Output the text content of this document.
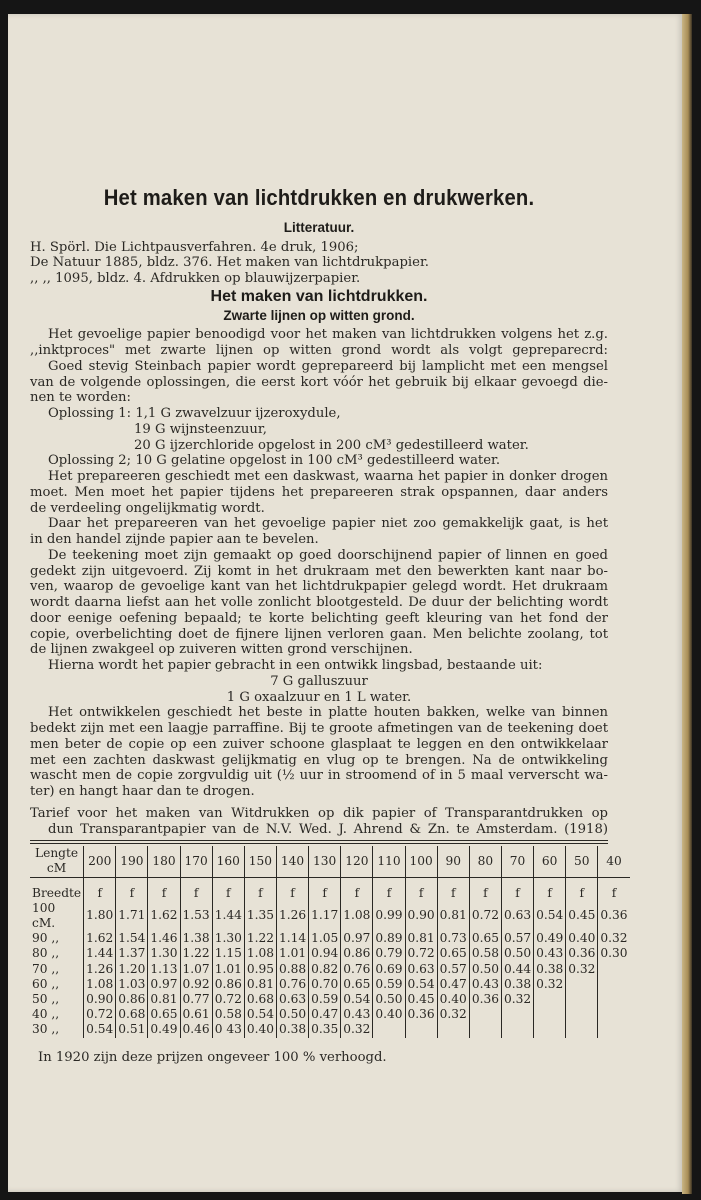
Het maken van lichtdrukken en drukwerken.
Litteratuur.
H. Spörl. Die Lichtpausverfahren. 4e druk, 1906;
De Natuur 1885, bldz. 376. Het maken van lichtdrukpapier.
,, ,, 1095, bldz. 4. Afdrukken op blauwijzerpapier.
Het maken van lichtdrukken.
Zwarte lijnen op witten grond.
Het gevoelige papier benoodigd voor het maken van lichtdrukken volgens het z.g.
,,inktproces" met zwarte lijnen op witten grond wordt als volgt gepreparecrd:
Goed stevig Steinbach papier wordt geprepareerd bij lamplicht met een mengsel
van de volgende oplossingen, die eerst kort vóór het gebruik bij elkaar gevoegd die-
nen te worden:
Oplossing 1: 1,1 G zwavelzuur ijzeroxydule,
19 G wijnsteenzuur,
20 G ijzerchloride opgelost in 200 cM³ gedestilleerd water.
Oplossing 2; 10 G gelatine opgelost in 100 cM³ gedestilleerd water.
Het prepareeren geschiedt met een daskwast, waarna het papier in donker drogen
moet. Men moet het papier tijdens het prepareeren strak opspannen, daar anders
de verdeeling ongelijkmatig wordt.
Daar het prepareeren van het gevoelige papier niet zoo gemakkelijk gaat, is het
in den handel zijnde papier aan te bevelen.
De teekening moet zijn gemaakt op goed doorschijnend papier of linnen en goed
gedekt zijn uitgevoerd. Zij komt in het drukraam met den bewerkten kant naar bo-
ven, waarop de gevoelige kant van het lichtdrukpapier gelegd wordt. Het drukraam
wordt daarna liefst aan het volle zonlicht blootgesteld. De duur der belichting wordt
door eenige oefening bepaald; te korte belichting geeft kleuring van het fond der
copie, overbelichting doet de fijnere lijnen verloren gaan. Men belichte zoolang, tot
de lijnen zwakgeel op zuiveren witten grond verschijnen.
Hierna wordt het papier gebracht in een ontwikk lingsbad, bestaande uit:
7 G galluszuur
1 G oxaalzuur en 1 L water.
Het ontwikkelen geschiedt het beste in platte houten bakken, welke van binnen
bedekt zijn met een laagje parraffine. Bij te groote afmetingen van de teekening doet
men beter de copie op een zuiver schoone glasplaat te leggen en den ontwikkelaar
met een zachten daskwast gelijkmatig en vlug op te brengen. Na de ontwikkeling
wascht men de copie zorgvuldig uit (½ uur in stroomend of in 5 maal ververscht wa-
ter) en hangt haar dan te drogen.
Tarief voor het maken van Witdrukken op dik papier of Transparantdrukken op
dun Transparantpapier van de N.V. Wed. J. Ahrend & Zn. te Amsterdam. (1918)
Lengte
cM	200	190	180	170	160	150	140	130	120	110	100	90	80	70	60	50	40
Breedte	f	f	f	f	f	f	f	f	f	f	f	f	f	f	f	f	f
100 cM.	1.80	1.71	1.62	1.53	1.44	1.35	1.26	1.17	1.08	0.99	0.90	0.81	0.72	0.63	0.54	0.45	0.36
90 ,,	1.62	1.54	1.46	1.38	1.30	1.22	1.14	1.05	0.97	0.89	0.81	0.73	0.65	0.57	0.49	0.40	0.32
80 ,,	1.44	1.37	1.30	1.22	1.15	1.08	1.01	0.94	0.86	0.79	0.72	0.65	0.58	0.50	0.43	0.36	0.30
70 ,,	1.26	1.20	1.13	1.07	1.01	0.95	0.88	0.82	0.76	0.69	0.63	0.57	0.50	0.44	0.38	0.32	
60 ,,	1.08	1.03	0.97	0.92	0.86	0.81	0.76	0.70	0.65	0.59	0.54	0.47	0.43	0.38	0.32		
50 ,,	0.90	0.86	0.81	0.77	0.72	0.68	0.63	0.59	0.54	0.50	0.45	0.40	0.36	0.32			
40 ,,	0.72	0.68	0.65	0.61	0.58	0.54	0.50	0.47	0.43	0.40	0.36	0.32					
30 ,,	0.54	0.51	0.49	0.46	0 43	0.40	0.38	0.35	0.32								
In 1920 zijn deze prijzen ongeveer 100 % verhoogd.
